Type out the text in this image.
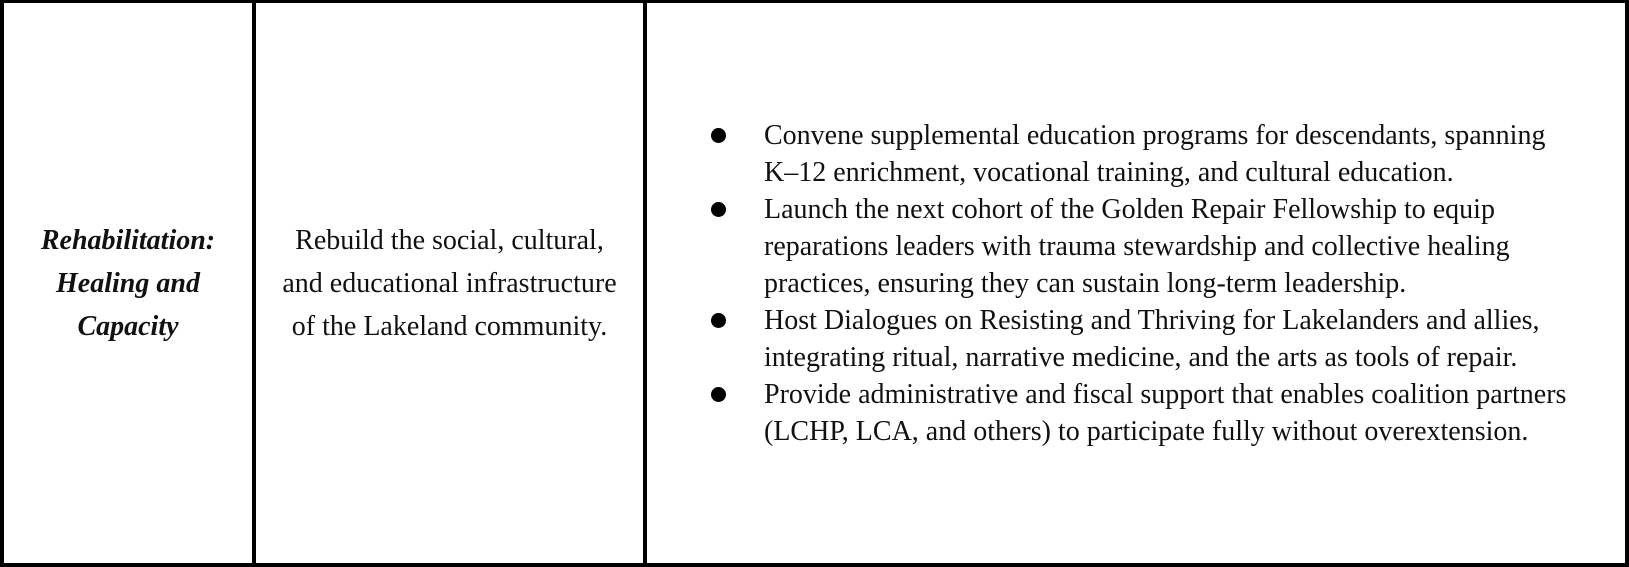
Rehabilitation: Healing and Capacity
Rebuild the social, cultural, and educational infrastructure of the Lakeland community.
Convene supplemental education programs for descendants, spanning K–12 enrichment, vocational training, and cultural education.
Launch the next cohort of the Golden Repair Fellowship to equip reparations leaders with trauma stewardship and collective healing practices, ensuring they can sustain long-term leadership.
Host Dialogues on Resisting and Thriving for Lakelanders and allies, integrating ritual, narrative medicine, and the arts as tools of repair.
Provide administrative and fiscal support that enables coalition partners (LCHP, LCA, and others) to participate fully without overextension.
